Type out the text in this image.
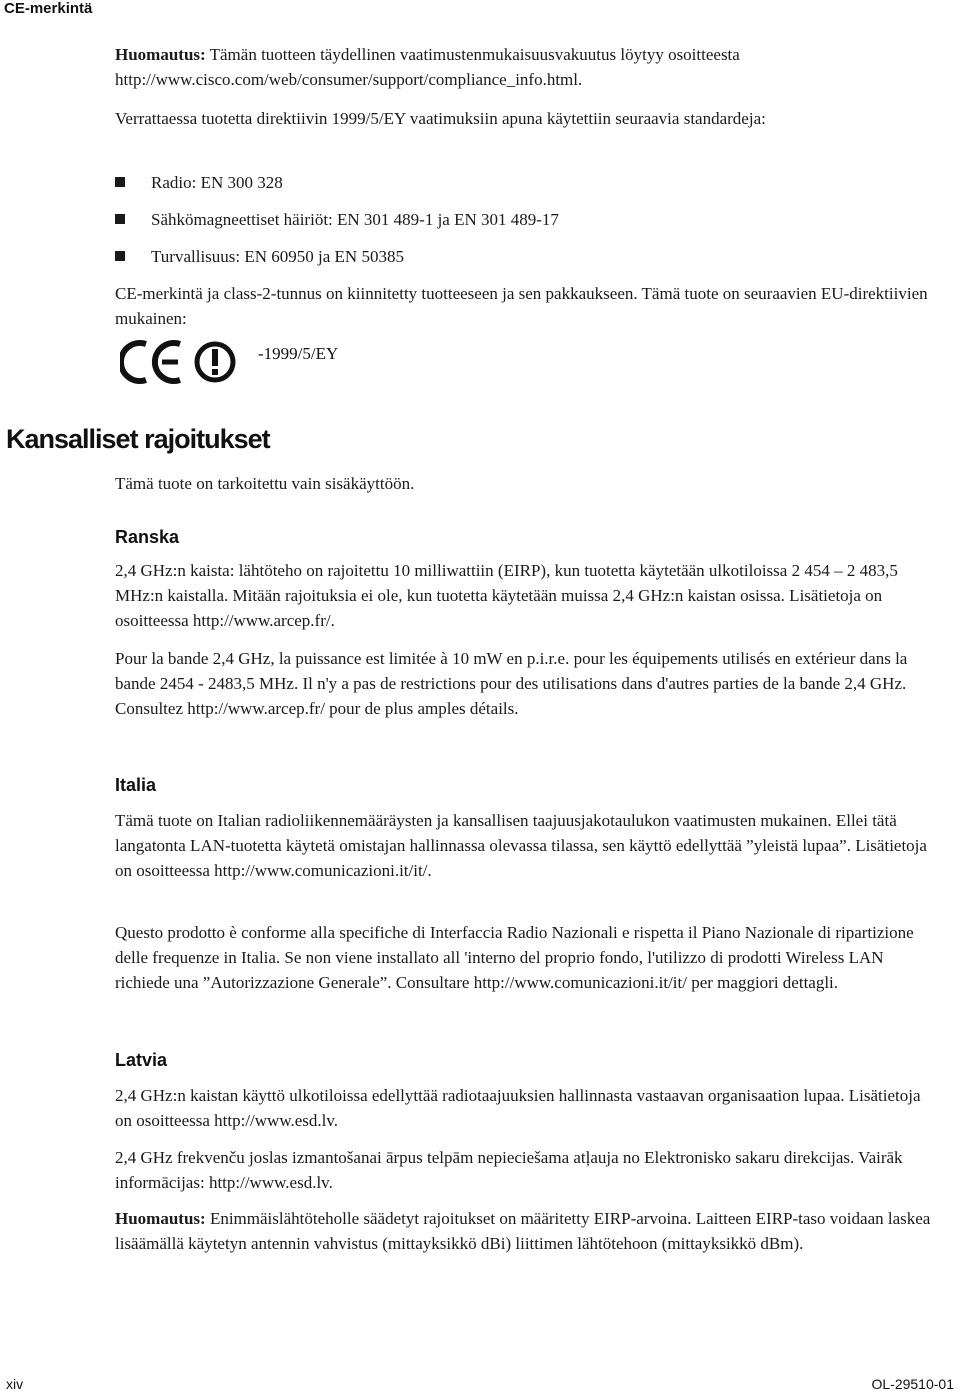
CE-merkintä
Huomautus: Tämän tuotteen täydellinen vaatimustenmukaisuusvakuutus löytyy osoitteesta http://www.cisco.com/web/consumer/support/compliance_info.html.
Verrattaessa tuotetta direktiivin 1999/5/EY vaatimuksiin apuna käytettiin seuraavia standardeja:
Radio: EN 300 328
Sähkömagneettiset häiriöt: EN 301 489-1 ja EN 301 489-17
Turvallisuus: EN 60950 ja EN 50385
CE-merkintä ja class-2-tunnus on kiinnitetty tuotteeseen ja sen pakkaukseen. Tämä tuote on seuraavien EU-direktiivien mukainen:
-1999/5/EY
Kansalliset rajoitukset
Tämä tuote on tarkoitettu vain sisäkäyttöön.
Ranska
2,4 GHz:n kaista: lähtöteho on rajoitettu 10 milliwattiin (EIRP), kun tuotetta käytetään ulkotiloissa 2 454 – 2 483,5 MHz:n kaistalla. Mitään rajoituksia ei ole, kun tuotetta käytetään muissa 2,4 GHz:n kaistan osissa. Lisätietoja on osoitteessa http://www.arcep.fr/.
Pour la bande 2,4 GHz, la puissance est limitée à 10 mW en p.i.r.e. pour les équipements utilisés en extérieur dans la bande 2454 - 2483,5 MHz. Il n'y a pas de restrictions pour des utilisations dans d'autres parties de la bande 2,4 GHz. Consultez http://www.arcep.fr/ pour de plus amples détails.
Italia
Tämä tuote on Italian radioliikennemääräysten ja kansallisen taajuusjakotaulukon vaatimusten mukainen. Ellei tätä langatonta LAN-tuotetta käytetä omistajan hallinnassa olevassa tilassa, sen käyttö edellyttää ”yleistä lupaa”. Lisätietoja on osoitteessa http://www.comunicazioni.it/it/.
Questo prodotto è conforme alla specifiche di Interfaccia Radio Nazionali e rispetta il Piano Nazionale di ripartizione delle frequenze in Italia. Se non viene installato all 'interno del proprio fondo, l'utilizzo di prodotti Wireless LAN richiede una ”Autorizzazione Generale”. Consultare http://www.comunicazioni.it/it/ per maggiori dettagli.
Latvia
2,4 GHz:n kaistan käyttö ulkotiloissa edellyttää radiotaajuuksien hallinnasta vastaavan organisaation lupaa. Lisätietoja on osoitteessa http://www.esd.lv.
2,4 GHz frekvenču joslas izmantošanai ārpus telpām nepieciešama atļauja no Elektronisko sakaru direkcijas. Vairāk informācijas: http://www.esd.lv.
Huomautus: Enimmäislähtöteholle säädetyt rajoitukset on määritetty EIRP-arvoina. Laitteen EIRP-taso voidaan laskea lisäämällä käytetyn antennin vahvistus (mittayksikkö dBi) liittimen lähtötehoon (mittayksikkö dBm).
xiv	OL-29510-01
